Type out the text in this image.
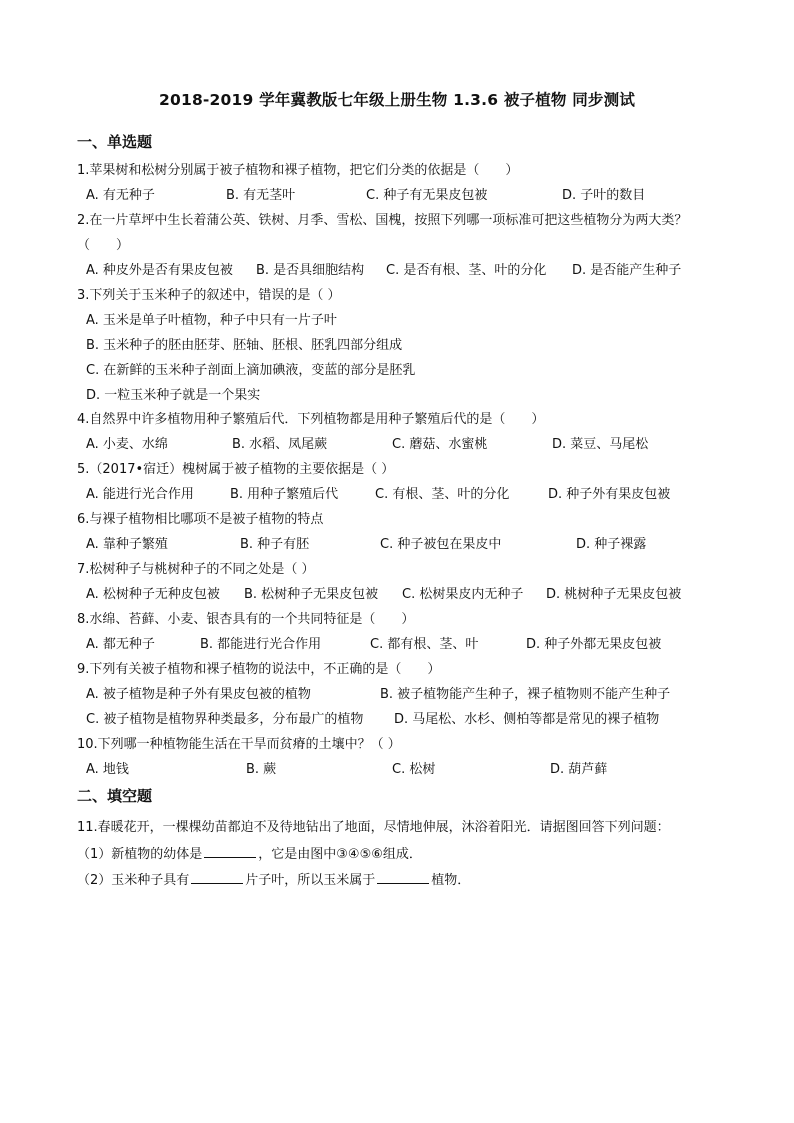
2018-2019 学年冀教版七年级上册生物 1.3.6 被子植物 同步测试
一、单选题
1.苹果树和松树分别属于被子植物和裸子植物，把它们分类的依据是（　　）
A. 有无种子	B. 有无茎叶	C. 种子有无果皮包被	D. 子叶的数目
2.在一片草坪中生长着蒲公英、铁树、月季、雪松、国槐，按照下列哪一项标准可把这些植物分为两大类？
（　　）
A. 种皮外是否有果皮包被 B. 是否具细胞结构 C. 是否有根、茎、叶的分化 D. 是否能产生种子
3.下列关于玉米种子的叙述中，错误的是（ ）
A. 玉米是单子叶植物，种子中只有一片子叶
B. 玉米种子的胚由胚芽、胚轴、胚根、胚乳四部分组成
C. 在新鲜的玉米种子剖面上滴加碘液，变蓝的部分是胚乳
D. 一粒玉米种子就是一个果实
4.自然界中许多植物用种子繁殖后代．下列植物都是用种子繁殖后代的是（　　）
A. 小麦、水绵	B. 水稻、凤尾蕨	C. 蘑菇、水蜜桃	D. 菜豆、马尾松
5.（2017•宿迁）槐树属于被子植物的主要依据是（ ）
A. 能进行光合作用	B. 用种子繁殖后代	C. 有根、茎、叶的分化	D. 种子外有果皮包被
6.与裸子植物相比哪项不是被子植物的特点
A. 靠种子繁殖	B. 种子有胚	C. 种子被包在果皮中	D. 种子裸露
7.松树种子与桃树种子的不同之处是（ ）
A. 松树种子无种皮包被 B. 松树种子无果皮包被 C. 松树果皮内无种子 D. 桃树种子无果皮包被
8.水绵、苔藓、小麦、银杏具有的一个共同特征是（　　）
A. 都无种子	B. 都能进行光合作用	C. 都有根、茎、叶	D. 种子外都无果皮包被
9.下列有关被子植物和裸子植物的说法中，不正确的是（　　）
A. 被子植物是种子外有果皮包被的植物	B. 被子植物能产生种子，裸子植物则不能产生种子
C. 被子植物是植物界种类最多，分布最广的植物 D. 马尾松、水杉、侧柏等都是常见的裸子植物
10.下列哪一种植物能生活在干旱而贫瘠的土壤中？（ ）
A. 地钱	B. 蕨	C. 松树	D. 葫芦藓
二、填空题
11.春暖花开，一棵棵幼苗都迫不及待地钻出了地面，尽情地伸展，沐浴着阳光．请据图回答下列问题：
（1）新植物的幼体是	，它是由图中③④⑤⑥组成．
（2）玉米种子具有	片子叶，所以玉米属于	植物．
